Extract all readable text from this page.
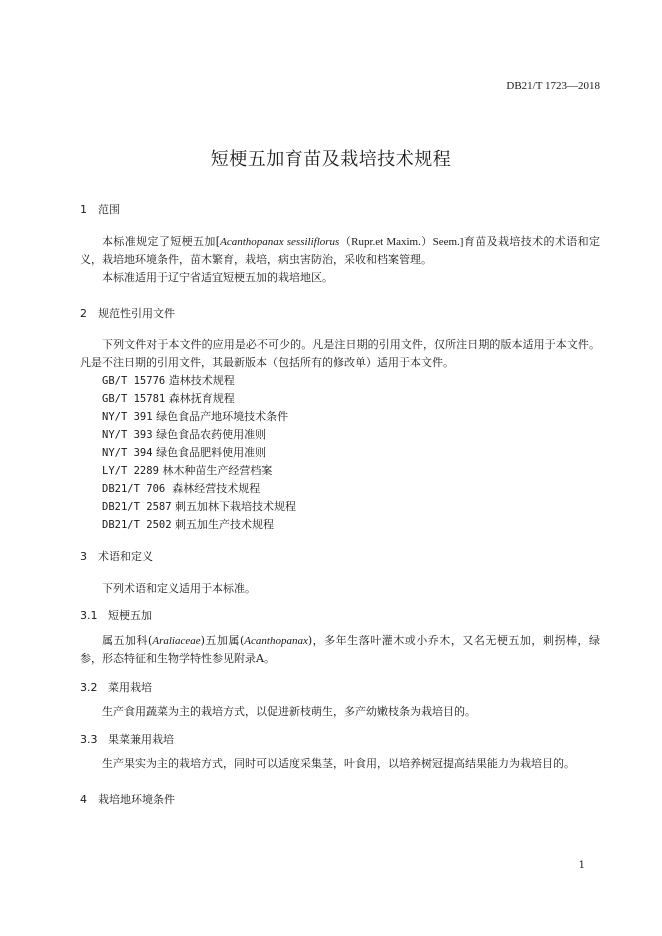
DB21/T 1723—2018
短梗五加育苗及栽培技术规程
1 范围
本标准规定了短梗五加[Acanthopanax sessiliflorus（Rupr.et Maxim.）Seem.]育苗及栽培技术的术语和定义，栽培地环境条件，苗木繁育，栽培，病虫害防治，采收和档案管理。
本标准适用于辽宁省适宜短梗五加的栽培地区。
2 规范性引用文件
下列文件对于本文件的应用是必不可少的。凡是注日期的引用文件，仅所注日期的版本适用于本文件。凡是不注日期的引用文件，其最新版本（包括所有的修改单）适用于本文件。
GB/T 15776 造林技术规程
GB/T 15781 森林抚育规程
NY/T 391 绿色食品产地环境技术条件
NY/T 393 绿色食品农药使用准则
NY/T 394 绿色食品肥料使用准则
LY/T 2289 林木种苗生产经营档案
DB21/T 706 森林经营技术规程
DB21/T 2587 刺五加林下栽培技术规程
DB21/T 2502 刺五加生产技术规程
3 术语和定义
下列术语和定义适用于本标准。
3.1 短梗五加
属五加科(Araliaceae)五加属(Acanthopanax)，多年生落叶灌木或小乔木，又名无梗五加，刺拐棒，绿参，形态特征和生物学特性参见附录A。
3.2 菜用栽培
生产食用蔬菜为主的栽培方式，以促进新枝萌生，多产幼嫩枝条为栽培目的。
3.3 果菜兼用栽培
生产果实为主的栽培方式，同时可以适度采集茎，叶食用，以培养树冠提高结果能力为栽培目的。
4 栽培地环境条件
1
